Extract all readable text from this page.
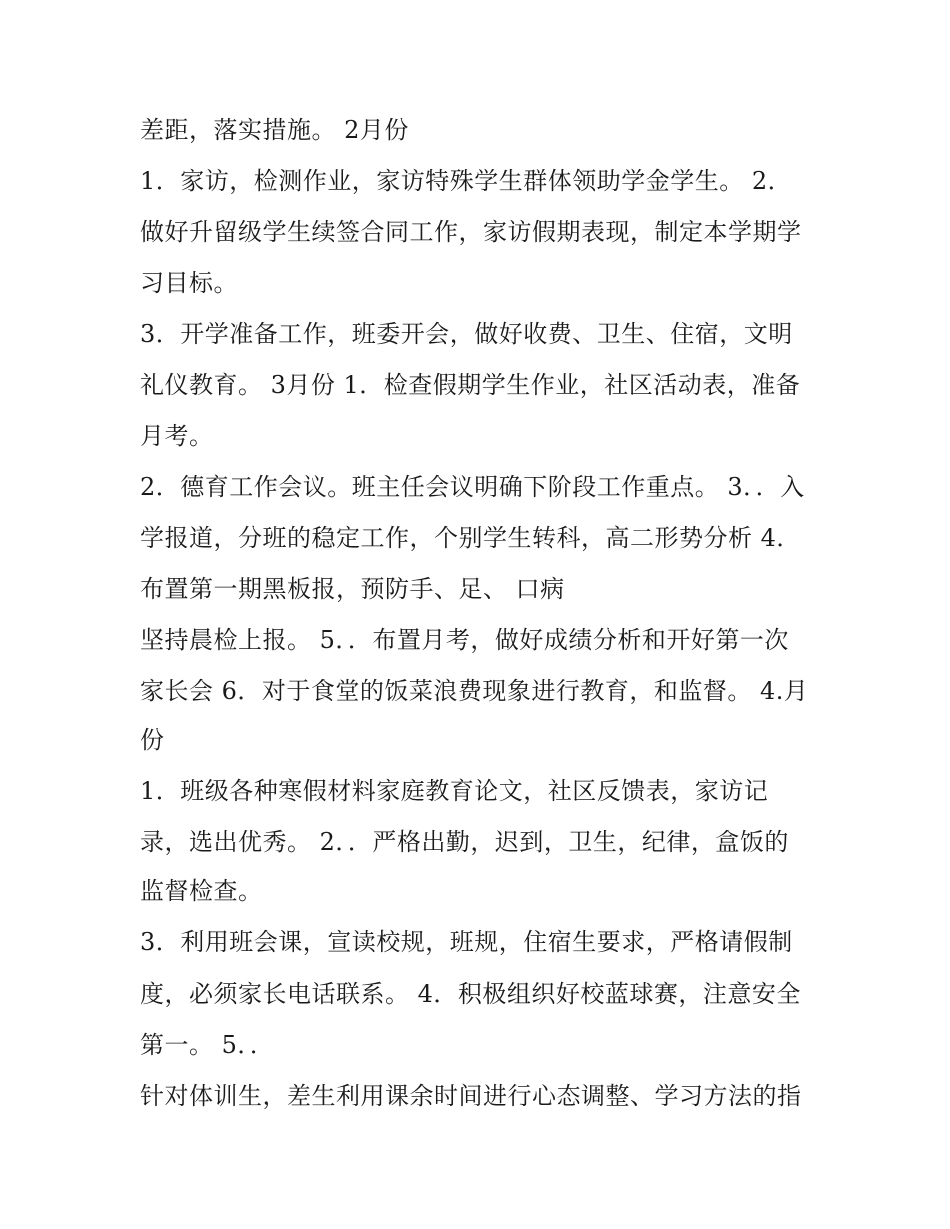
差距，落实措施。 2月份
1．家访，检测作业，家访特殊学生群体领助学金学生。 2．
做好升留级学生续签合同工作，家访假期表现，制定本学期学
习目标。
3．开学准备工作，班委开会，做好收费、卫生、住宿，文明
礼仪教育。 3月份 1．检查假期学生作业，社区活动表，准备
月考。
2．德育工作会议。班主任会议明确下阶段工作重点。 3．．入
学报道，分班的稳定工作，个别学生转科，高二形势分析 4．
布置第一期黑板报，预防手、足、 口病
坚持晨检上报。 5．．布置月考，做好成绩分析和开好第一次
家长会 6．对于食堂的饭菜浪费现象进行教育，和监督。 4.月
份
1．班级各种寒假材料家庭教育论文，社区反馈表，家访记
录，选出优秀。 2．．严格出勤，迟到，卫生，纪律，盒饭的
监督检查。
3．利用班会课，宣读校规，班规，住宿生要求，严格请假制
度，必须家长电话联系。 4．积极组织好校蓝球赛，注意安全
第一。 5．．
针对体训生，差生利用课余时间进行心态调整、学习方法的指
